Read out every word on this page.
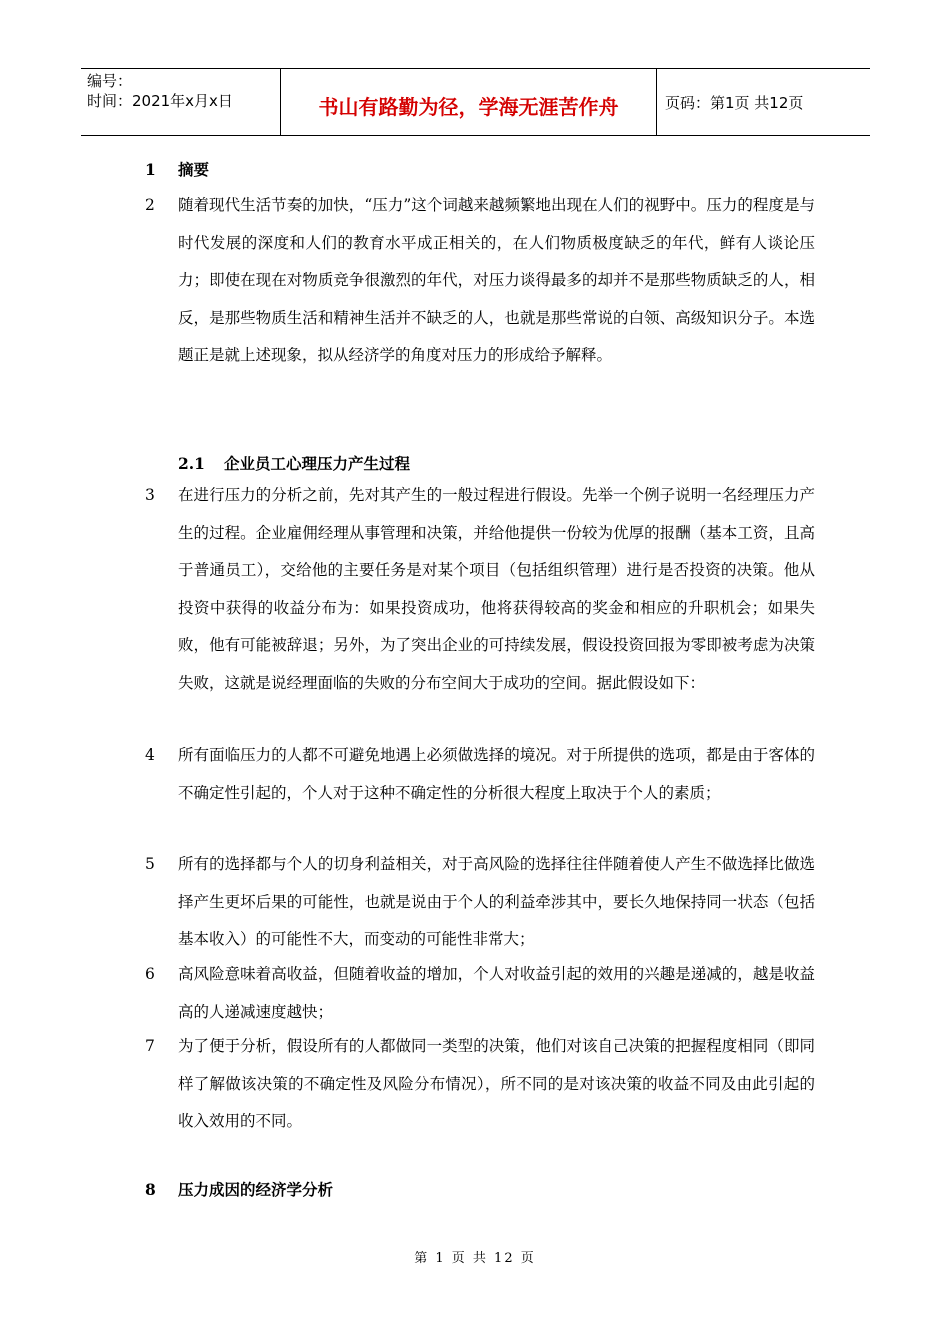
编号：
时间：2021年x月x日	书山有路勤为径，学海无涯苦作舟	页码：第1页 共12页
1	摘要
2	随着现代生活节奏的加快，“压力”这个词越来越频繁地出现在人们的视野中。压力的程度是与时代发展的深度和人们的教育水平成正相关的，在人们物质极度缺乏的年代，鲜有人谈论压力；即使在现在对物质竞争很激烈的年代，对压力谈得最多的却并不是那些物质缺乏的人，相反，是那些物质生活和精神生活并不缺乏的人，也就是那些常说的白领、高级知识分子。本选题正是就上述现象，拟从经济学的角度对压力的形成给予解释。
2.1 企业员工心理压力产生过程
3	在进行压力的分析之前，先对其产生的一般过程进行假设。先举一个例子说明一名经理压力产生的过程。企业雇佣经理从事管理和决策，并给他提供一份较为优厚的报酬（基本工资，且高于普通员工），交给他的主要任务是对某个项目（包括组织管理）进行是否投资的决策。他从投资中获得的收益分布为：如果投资成功，他将获得较高的奖金和相应的升职机会；如果失败，他有可能被辞退；另外，为了突出企业的可持续发展，假设投资回报为零即被考虑为决策失败，这就是说经理面临的失败的分布空间大于成功的空间。据此假设如下：
4	所有面临压力的人都不可避免地遇上必须做选择的境况。对于所提供的选项，都是由于客体的不确定性引起的，个人对于这种不确定性的分析很大程度上取决于个人的素质；
5	所有的选择都与个人的切身利益相关，对于高风险的选择往往伴随着使人产生不做选择比做选择产生更坏后果的可能性，也就是说由于个人的利益牵涉其中，要长久地保持同一状态（包括基本收入）的可能性不大，而变动的可能性非常大；
6	高风险意味着高收益，但随着收益的增加，个人对收益引起的效用的兴趣是递减的，越是收益高的人递减速度越快；
7	为了便于分析，假设所有的人都做同一类型的决策，他们对该自己决策的把握程度相同（即同样了解做该决策的不确定性及风险分布情况），所不同的是对该决策的收益不同及由此引起的收入效用的不同。
8	压力成因的经济学分析
第 1 页 共 12 页
